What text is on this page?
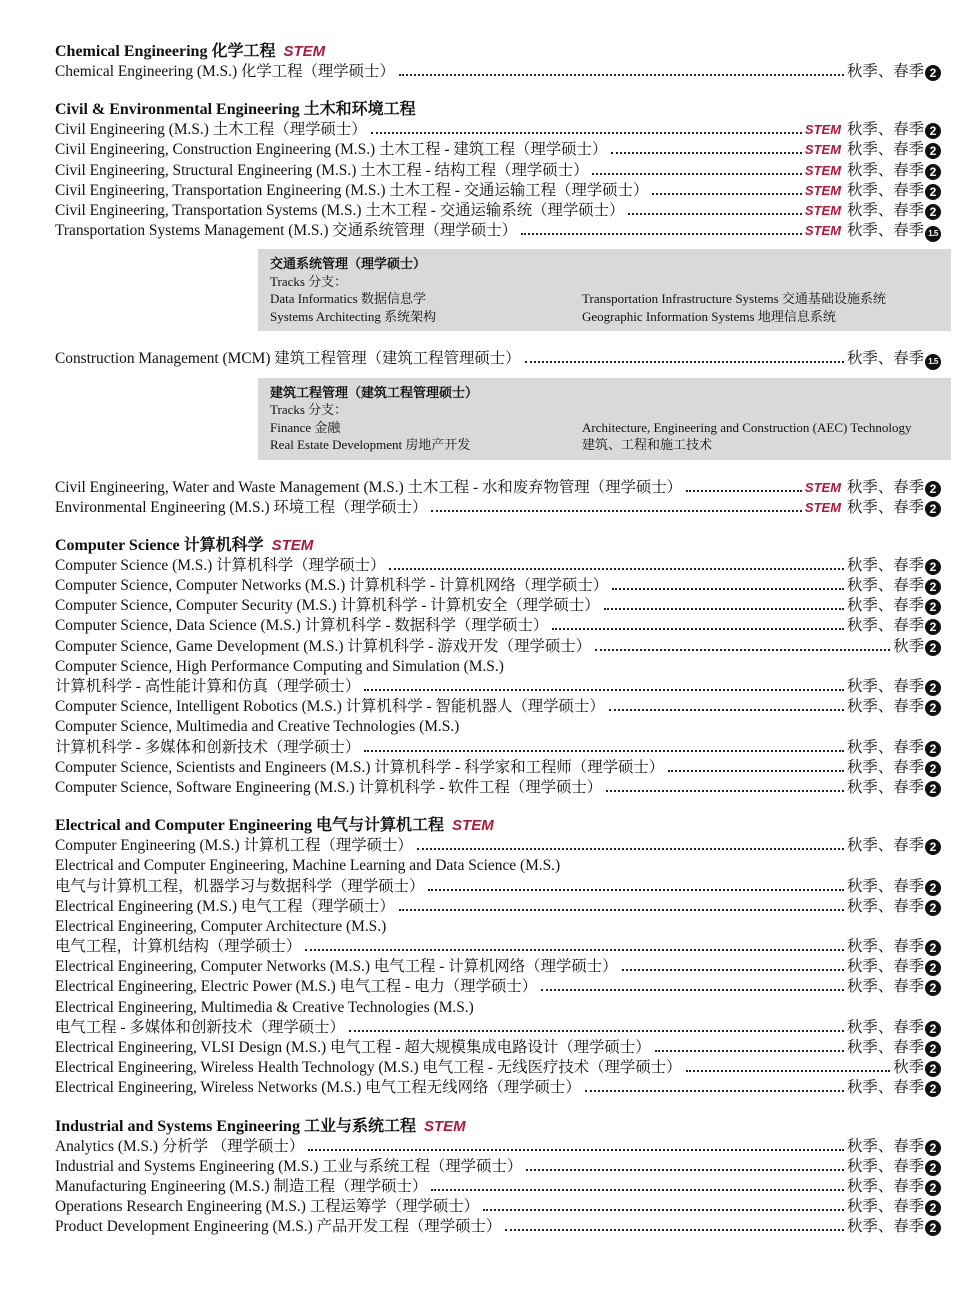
Chemical Engineering 化学工程 STEM
Chemical Engineering (M.S.) 化学工程（理学硕士）	秋季、春季 2
Civil & Environmental Engineering 土木和环境工程
Civil Engineering (M.S.) 土木工程（理学硕士）	STEM 秋季、春季 2
Civil Engineering, Construction Engineering (M.S.) 土木工程 - 建筑工程（理学硕士）	STEM 秋季、春季 2
Civil Engineering, Structural Engineering (M.S.) 土木工程 - 结构工程（理学硕士）	STEM 秋季、春季 2
Civil Engineering, Transportation Engineering (M.S.) 土木工程 - 交通运输工程（理学硕士）	STEM 秋季、春季 2
Civil Engineering, Transportation Systems (M.S.) 土木工程 - 交通运输系统（理学硕士）	STEM 秋季、春季 2
Transportation Systems Management (M.S.) 交通系统管理（理学硕士）	STEM 秋季、春季 1.5
交通系统管理（理学硕士）
Tracks 分支：
Data Informatics 数据信息学
Systems Architecting 系统架构
Transportation Infrastructure Systems 交通基础设施系统
Geographic Information Systems 地理信息系统
Construction Management (MCM) 建筑工程管理（建筑工程管理硕士）	秋季、春季 1.5
建筑工程管理（建筑工程管理硕士）
Tracks 分支：
Finance 金融
Real Estate Development 房地产开发
Architecture, Engineering and Construction (AEC) Technology
建筑、工程和施工技术
Civil Engineering, Water and Waste Management (M.S.) 土木工程 - 水和废弃物管理（理学硕士）	STEM 秋季、春季 2
Environmental Engineering (M.S.) 环境工程（理学硕士）	STEM 秋季、春季 2
Computer Science 计算机科学 STEM
Computer Science (M.S.) 计算机科学（理学硕士）	秋季、春季 2
Computer Science, Computer Networks (M.S.) 计算机科学 - 计算机网络（理学硕士）	秋季、春季 2
Computer Science, Computer Security (M.S.) 计算机科学 - 计算机安全（理学硕士）	秋季、春季 2
Computer Science, Data Science (M.S.) 计算机科学 - 数据科学（理学硕士）	秋季、春季 2
Computer Science, Game Development (M.S.) 计算机科学 - 游戏开发（理学硕士）	秋季 2
Computer Science, High Performance Computing and Simulation (M.S.)
计算机科学 - 高性能计算和仿真（理学硕士）	秋季、春季 2
Computer Science, Intelligent Robotics (M.S.) 计算机科学 - 智能机器人（理学硕士）	秋季、春季 2
Computer Science, Multimedia and Creative Technologies (M.S.)
计算机科学 - 多媒体和创新技术（理学硕士）	秋季、春季 2
Computer Science, Scientists and Engineers (M.S.) 计算机科学 - 科学家和工程师（理学硕士）	秋季、春季 2
Computer Science, Software Engineering (M.S.) 计算机科学 - 软件工程（理学硕士）	秋季、春季 2
Electrical and Computer Engineering 电气与计算机工程 STEM
Computer Engineering (M.S.) 计算机工程（理学硕士）	秋季、春季 2
Electrical and Computer Engineering, Machine Learning and Data Science (M.S.)
电气与计算机工程，机器学习与数据科学（理学硕士）	秋季、春季 2
Electrical Engineering (M.S.) 电气工程（理学硕士）	秋季、春季 2
Electrical Engineering, Computer Architecture (M.S.)
电气工程，计算机结构（理学硕士）	秋季、春季 2
Electrical Engineering, Computer Networks (M.S.) 电气工程 - 计算机网络（理学硕士）	秋季、春季 2
Electrical Engineering, Electric Power (M.S.) 电气工程 - 电力（理学硕士）	秋季、春季 2
Electrical Engineering, Multimedia & Creative Technologies (M.S.)
电气工程 - 多媒体和创新技术（理学硕士）	秋季、春季 2
Electrical Engineering, VLSI Design (M.S.) 电气工程 - 超大规模集成电路设计（理学硕士）	秋季、春季 2
Electrical Engineering, Wireless Health Technology (M.S.) 电气工程 - 无线医疗技术（理学硕士）	秋季 2
Electrical Engineering, Wireless Networks (M.S.) 电气工程无线网络（理学硕士）	秋季、春季 2
Industrial and Systems Engineering 工业与系统工程 STEM
Analytics (M.S.) 分析学 （理学硕士）	秋季、春季 2
Industrial and Systems Engineering (M.S.) 工业与系统工程（理学硕士）	秋季、春季 2
Manufacturing Engineering (M.S.) 制造工程（理学硕士）	秋季、春季 2
Operations Research Engineering (M.S.) 工程运筹学（理学硕士）	秋季、春季 2
Product Development Engineering (M.S.) 产品开发工程（理学硕士）	秋季、春季 2
